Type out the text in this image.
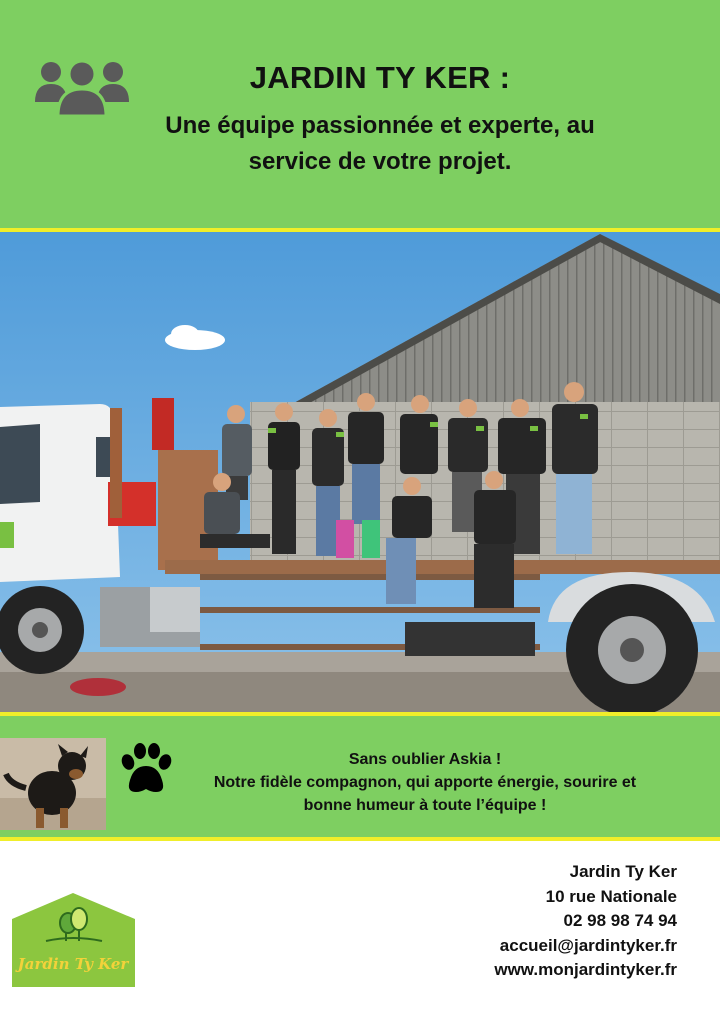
JARDIN TY KER :
Une équipe passionnée et experte, au
service de votre projet.
Sans oublier Askia !
Notre fidèle compagnon, qui apporte énergie, sourire et
bonne humeur à toute l’équipe !
Jardin Ty Ker
Jardin Ty Ker
10 rue Nationale
02 98 98 74 94
accueil@jardintyker.fr
www.monjardintyker.fr
